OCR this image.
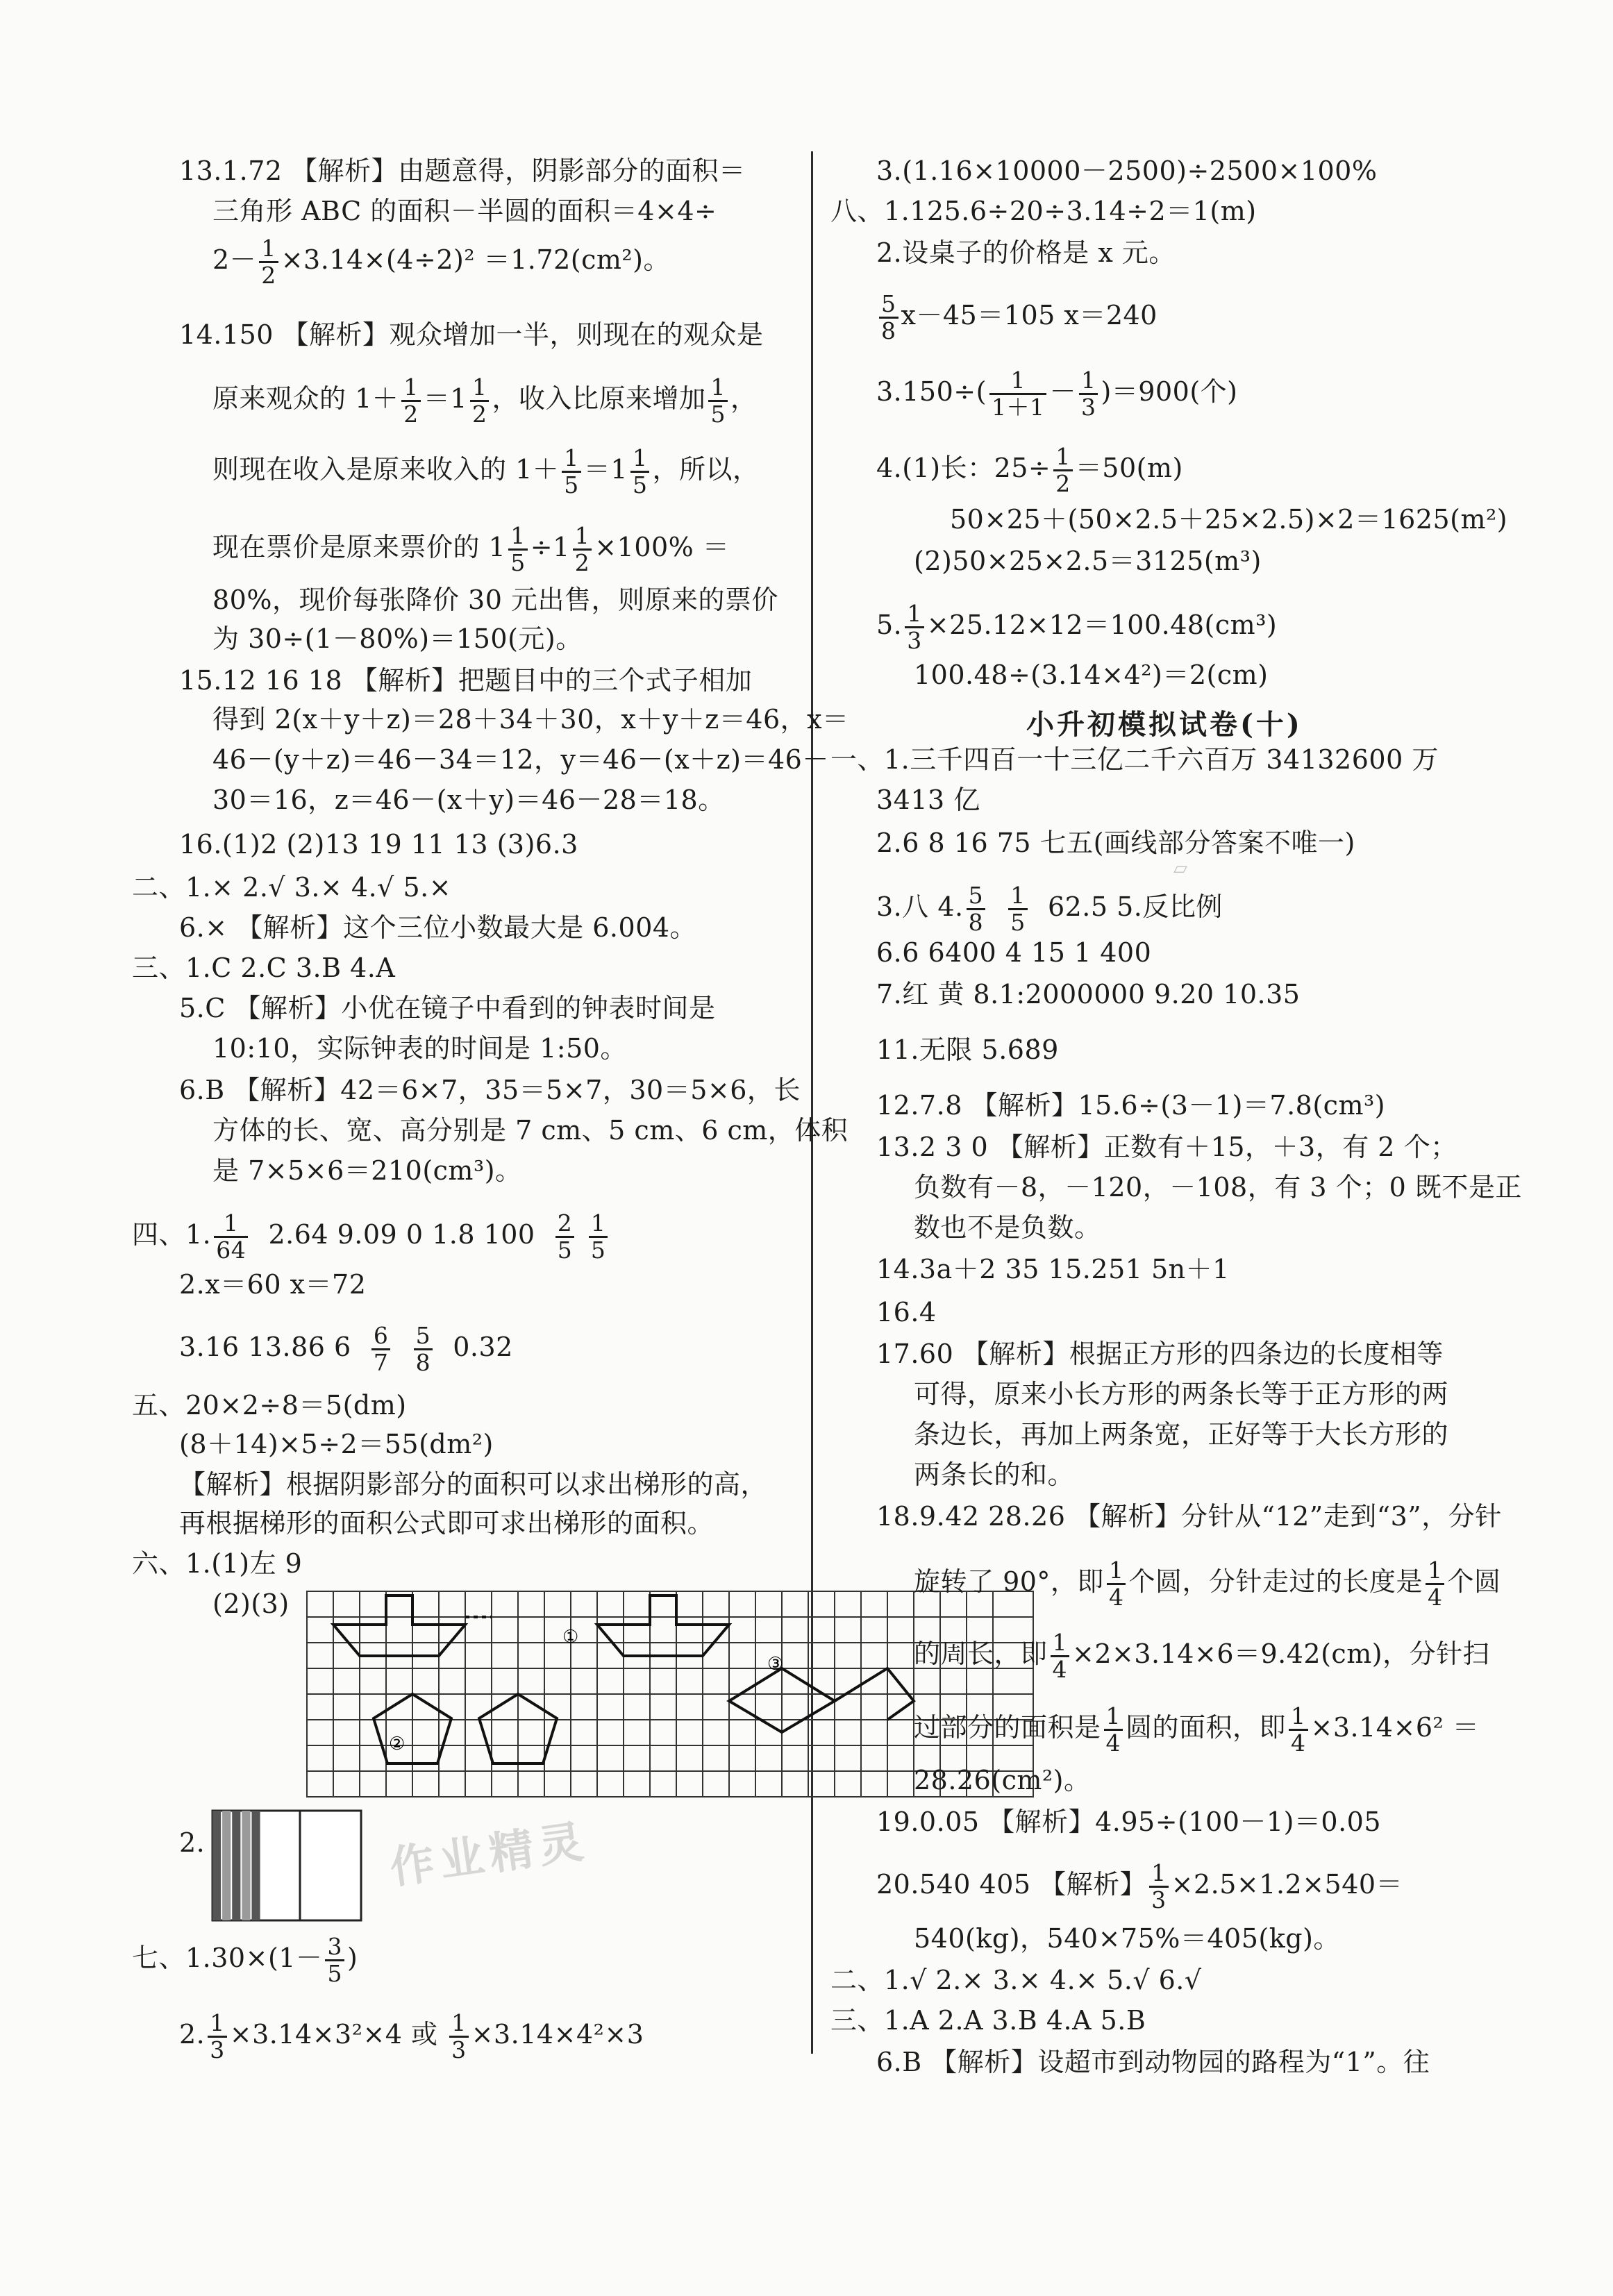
13.1.72 【解析】由题意得，阴影部分的面积＝
三角形 ABC 的面积－半圆的面积＝4×4÷
$2- \frac{1}{2} \times 3.14\times(4\div 2)^2 =1.72(cm^2)$。
14.150 【解析】观众增加一半，则现在的观众是
原来观众的 $1+ \frac{1}{2} =1 \frac{1}{2}$ ，收入比原来增加 $\frac{1}{5}$ ，
则现在收入是原来收入的 $1+ \frac{1}{5} =1 \frac{1}{5}$ ，所以，
现在票价是原来票价的 $1 \frac{1}{5} \div 1 \frac{1}{2} \times 100\%$ ＝
80%，现价每张降价 30 元出售，则原来的票价
为 30÷(1－80%)＝150(元)。
15.12 16 18 【解析】把题目中的三个式子相加
得到 2(x＋y＋z)＝28＋34＋30，x＋y＋z＝46，x＝
46－(y＋z)＝46－34＝12，y＝46－(x＋z)＝46－
30＝16，z＝46－(x＋y)＝46－28＝18。
16.(1)2 (2)13 19 11 13 (3)6.3
二、1.× 2.√ 3.× 4.√ 5.×
6.× 【解析】这个三位小数最大是 6.004。
三、1.C 2.C 3.B 4.A
5.C 【解析】小优在镜子中看到的钟表时间是
10:10，实际钟表的时间是 1:50。
6.B 【解析】42＝6×7，35＝5×7，30＝5×6，长
方体的长、宽、高分别是 7 cm、5 cm、6 cm，体积
是 7×5×6＝210(cm³)。
四、1. $\frac{1}{64} 2.64$ 9.09 0 1.8 $100 \frac{2}{5}$
$\frac{1}{5}$
2.x＝60 x＝72
3.16 13.86 $6 \frac{6}{7}$
$\frac{5}{8} 0.32$
五、20×2÷8＝5(dm)
(8＋14)×5÷2＝55(dm²)
【解析】根据阴影部分的面积可以求出梯形的高，
再根据梯形的面积公式即可求出梯形的面积。
六、1.(1)左 9
(2)(3)
①
②
③
2.	作业精灵
七、$1.30\times(1- \frac{3}{5}$ )
2. $\frac{1}{3} \times 3.14\times 3^2\times 4$ 或 $\frac{1}{3} \times 3.14\times 4^2\times 3$
3.(1.16×10000－2500)÷2500×100%
八、1.125.6÷20÷3.14÷2＝1(m)
2.设桌子的价格是 x 元。
$\frac{5}{8} x-45=105$ x＝240
$3.150\div( \frac{1}{1+1} - \frac{1}{3} )=900$(个)
4.(1)长：$25\div \frac{1}{2} =50(m)$
50×25＋(50×2.5＋25×2.5)×2＝1625(m²)
(2)50×25×2.5＝3125(m³)
5. $\frac{1}{3} \times 25.12\times 12=100.48(cm^3)$
100.48÷(3.14×4²)＝2(cm)
小升初模拟试卷(十)
一、1.三千四百一十三亿二千六百万 34132600 万
3413 亿
2.6 8 16 75 七五(画线部分答案不唯一)
3.八 4. $\frac{5}{8}$
$\frac{1}{5} 62.5$ 5.反比例
▱
6.6 6400 4 15 1 400
7.红 黄 8.1:2000000 9.20 10.35
11.无限 5.6̇8̇9
12.7.8 【解析】15.6÷(3－1)＝7.8(cm³)
13.2 3 0 【解析】正数有＋15，＋3，有 2 个；
负数有－8，－120，－108，有 3 个；0 既不是正
数也不是负数。
14.3a＋2 35 15.251 5n＋1
16.4
17.60 【解析】根据正方形的四条边的长度相等
可得，原来小长方形的两条长等于正方形的两
条边长，再加上两条宽，正好等于大长方形的
两条长的和。
18.9.42 28.26 【解析】分针从“12”走到“3”，分针
旋转了 90°，即 $\frac{1}{4}$ 个圆，分针走过的长度是 $\frac{1}{4}$ 个圆
的周长，即 $\frac{1}{4} \times 2\times 3.14\times 6=9.42(cm)$，分针扫
过部分的面积是 $\frac{1}{4}$ 圆的面积，即 $\frac{1}{4} \times 3.14\times 6^2$ ＝
28.26(cm²)。
19.0.05 【解析】4.95÷(100－1)＝0.05
20.540 405 【解析】 $\frac{1}{3} \times 2.5\times 1.2\times 540=$
540(kg)，540×75%＝405(kg)。
二、1.√ 2.× 3.× 4.× 5.√ 6.√
三、1.A 2.A 3.B 4.A 5.B
6.B 【解析】设超市到动物园的路程为“1”。往
